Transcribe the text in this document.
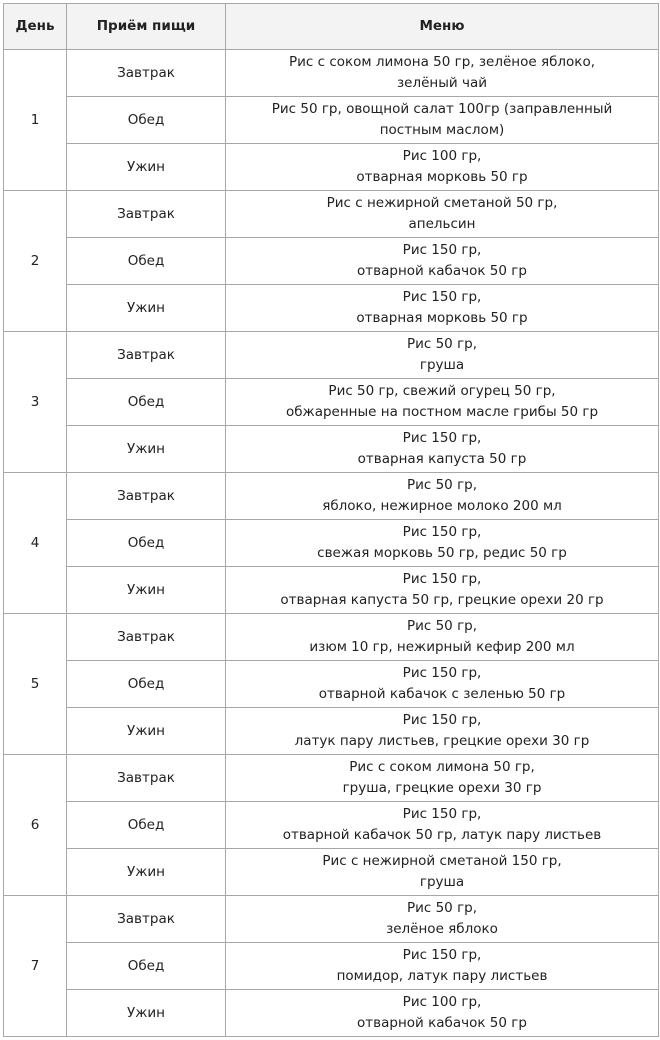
День	Приём пищи	Меню
1	Завтрак	Рис с соком лимона 50 гр, зелёное яблоко,
зелёный чай

	Обед	Рис 50 гр, овощной салат 100гр (заправленный
постным маслом)

	Ужин	Рис 100 гр,
отварная морковь 50 гр

2	Завтрак	Рис с нежирной сметаной 50 гр,
апельсин

	Обед	Рис 150 гр,
отварной кабачок 50 гр

	Ужин	Рис 150 гр,
отварная морковь 50 гр

3	Завтрак	Рис 50 гр,
груша

	Обед	Рис 50 гр, свежий огурец 50 гр,
обжаренные на постном масле грибы 50 гр

	Ужин	Рис 150 гр,
отварная капуста 50 гр

4	Завтрак	Рис 50 гр,
яблоко, нежирное молоко 200 мл

	Обед	Рис 150 гр,
свежая морковь 50 гр, редис 50 гр

	Ужин	Рис 150 гр,
отварная капуста 50 гр, грецкие орехи 20 гр

5	Завтрак	Рис 50 гр,
изюм 10 гр, нежирный кефир 200 мл

	Обед	Рис 150 гр,
отварной кабачок с зеленью 50 гр

	Ужин	Рис 150 гр,
латук пару листьев, грецкие орехи 30 гр

6	Завтрак	Рис с соком лимона 50 гр,
груша, грецкие орехи 30 гр

	Обед	Рис 150 гр,
отварной кабачок 50 гр, латук пару листьев

	Ужин	Рис с нежирной сметаной 150 гр,
груша

7	Завтрак	Рис 50 гр,
зелёное яблоко

	Обед	Рис 150 гр,
помидор, латук пару листьев

	Ужин	Рис 100 гр,
отварной кабачок 50 гр
